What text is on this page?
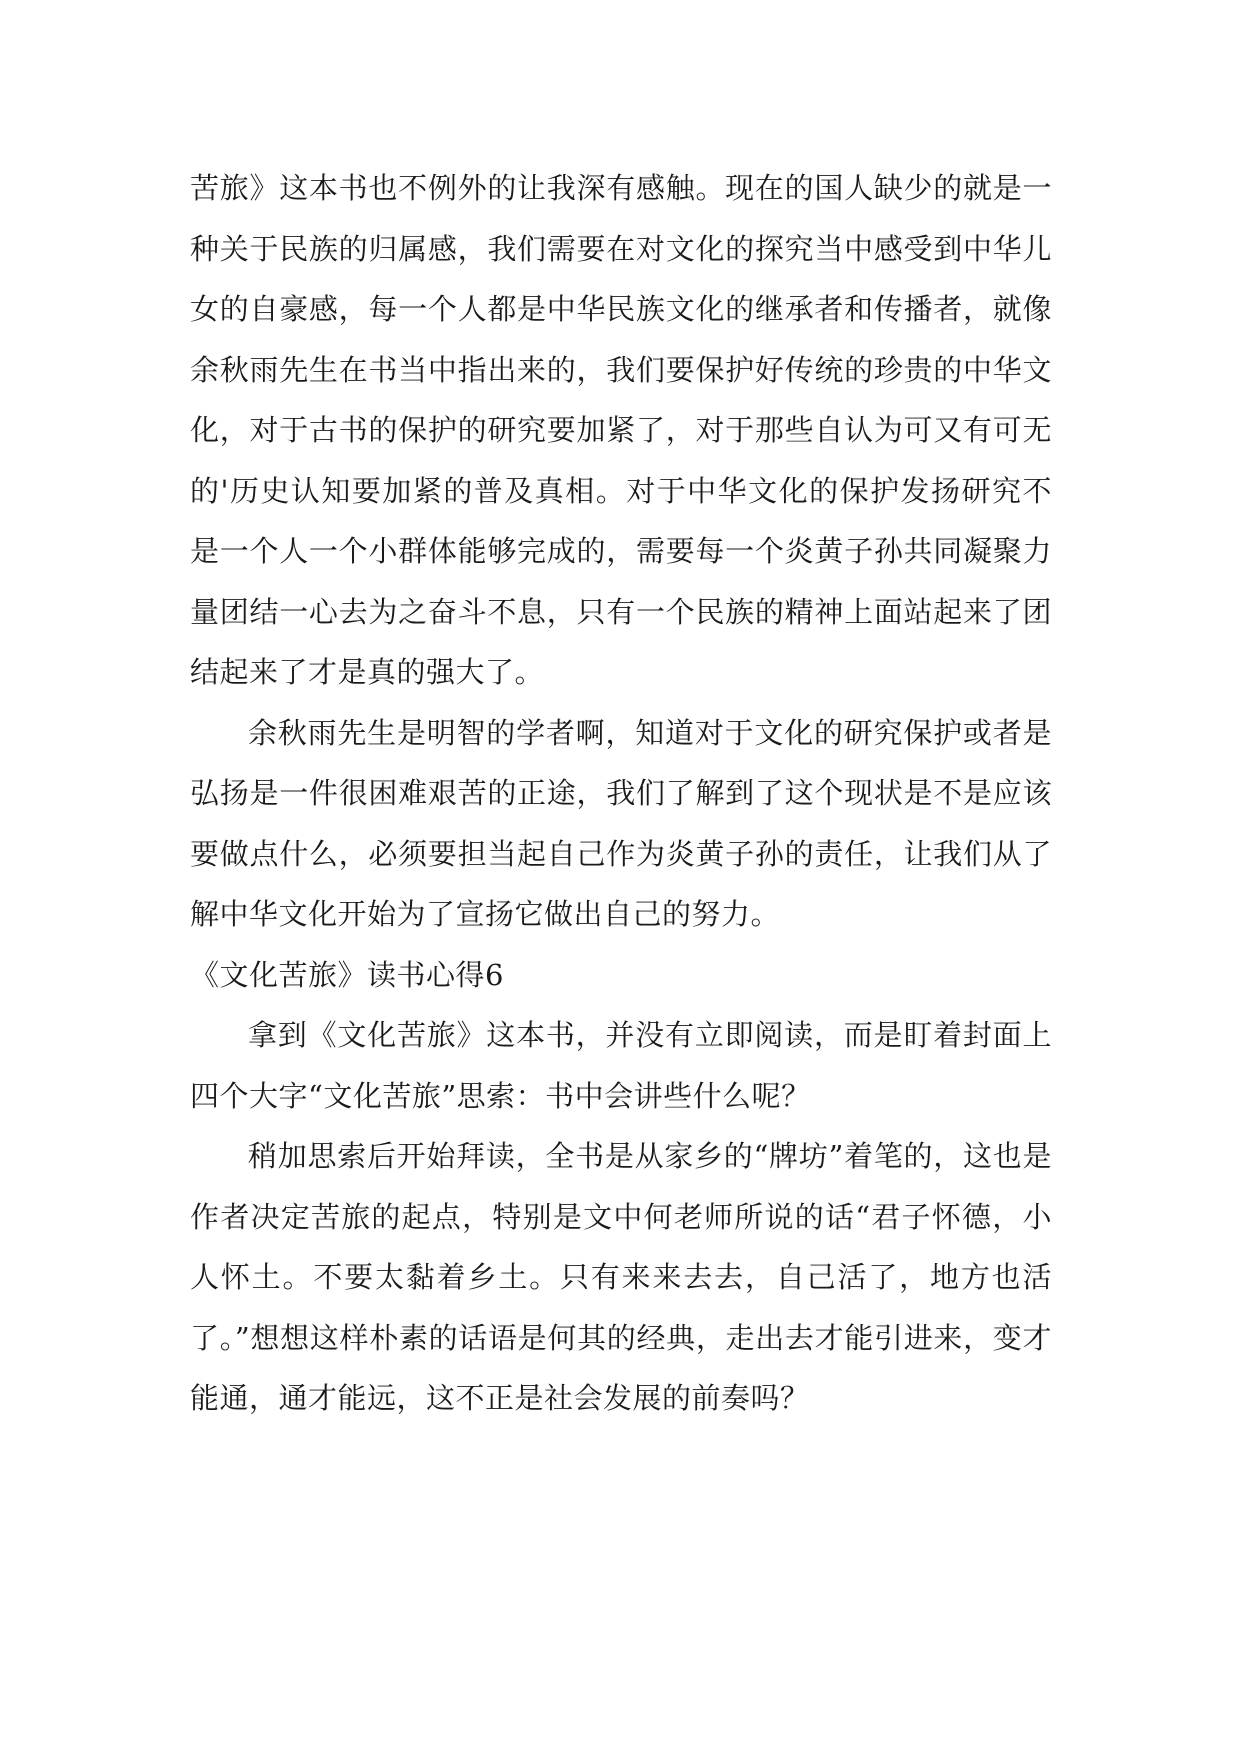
苦旅》这本书也不例外的让我深有感触。现在的国人缺少的就是一种关于民族的归属感，我们需要在对文化的探究当中感受到中华儿女的自豪感，每一个人都是中华民族文化的继承者和传播者，就像余秋雨先生在书当中指出来的，我们要保护好传统的珍贵的中华文化，对于古书的保护的研究要加紧了，对于那些自认为可又有可无的'历史认知要加紧的普及真相。对于中华文化的保护发扬研究不是一个人一个小群体能够完成的，需要每一个炎黄子孙共同凝聚力量团结一心去为之奋斗不息，只有一个民族的精神上面站起来了团结起来了才是真的强大了。

余秋雨先生是明智的学者啊，知道对于文化的研究保护或者是弘扬是一件很困难艰苦的正途，我们了解到了这个现状是不是应该要做点什么，必须要担当起自己作为炎黄子孙的责任，让我们从了解中华文化开始为了宣扬它做出自己的努力。

《文化苦旅》读书心得6

拿到《文化苦旅》这本书，并没有立即阅读，而是盯着封面上四个大字“文化苦旅”思索：书中会讲些什么呢？

稍加思索后开始拜读，全书是从家乡的“牌坊”着笔的，这也是作者决定苦旅的起点，特别是文中何老师所说的话“君子怀德，小人怀土。不要太黏着乡土。只有来来去去，自己活了，地方也活了。”想想这样朴素的话语是何其的经典，走出去才能引进来，变才能通，通才能远，这不正是社会发展的前奏吗？
